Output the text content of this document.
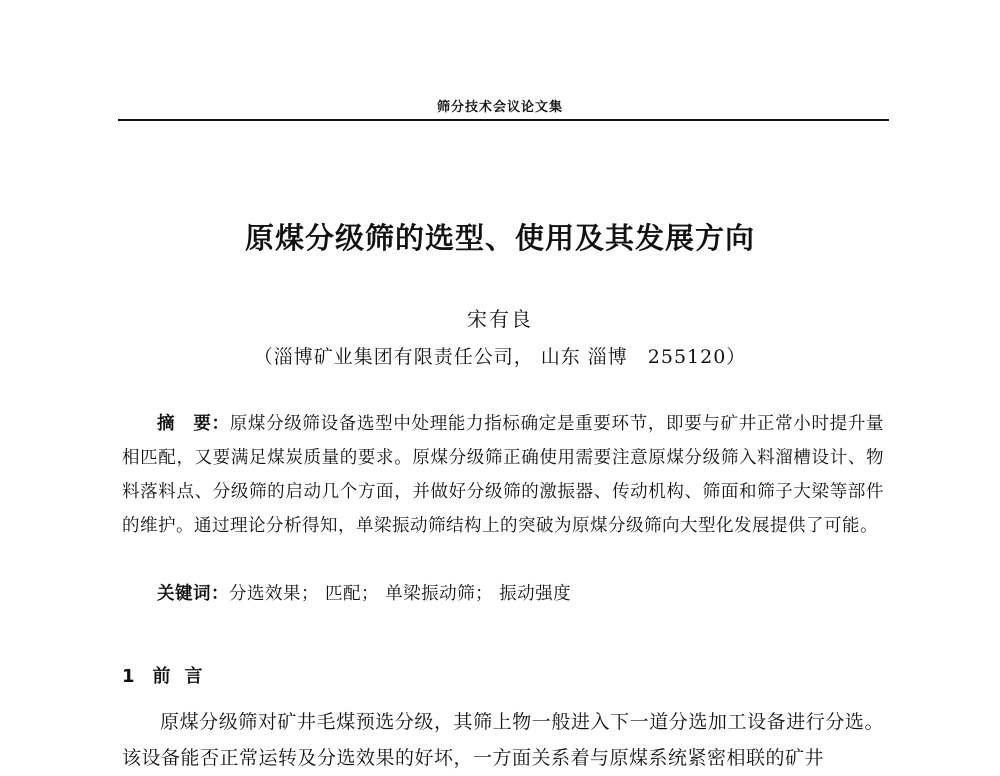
筛分技术会议论文集
原煤分级筛的选型、使用及其发展方向
宋有良
（淄博矿业集团有限责任公司， 山东 淄博　255120）

摘　要：原煤分级筛设备选型中处理能力指标确定是重要环节，即要与矿井正常小时提升量相匹配，又要满足煤炭质量的要求。原煤分级筛正确使用需要注意原煤分级筛入料溜槽设计、物料落料点、分级筛的启动几个方面，并做好分级筛的激振器、传动机构、筛面和筛子大梁等部件的维护。通过理论分析得知，单梁振动筛结构上的突破为原煤分级筛向大型化发展提供了可能。

关键词：分选效果； 匹配； 单梁振动筛； 振动强度

1 前言

原煤分级筛对矿井毛煤预选分级，其筛上物一般进入下一道分选加工设备进行分选。该设备能否正常运转及分选效果的好坏，一方面关系着与原煤系统紧密相联的矿井
